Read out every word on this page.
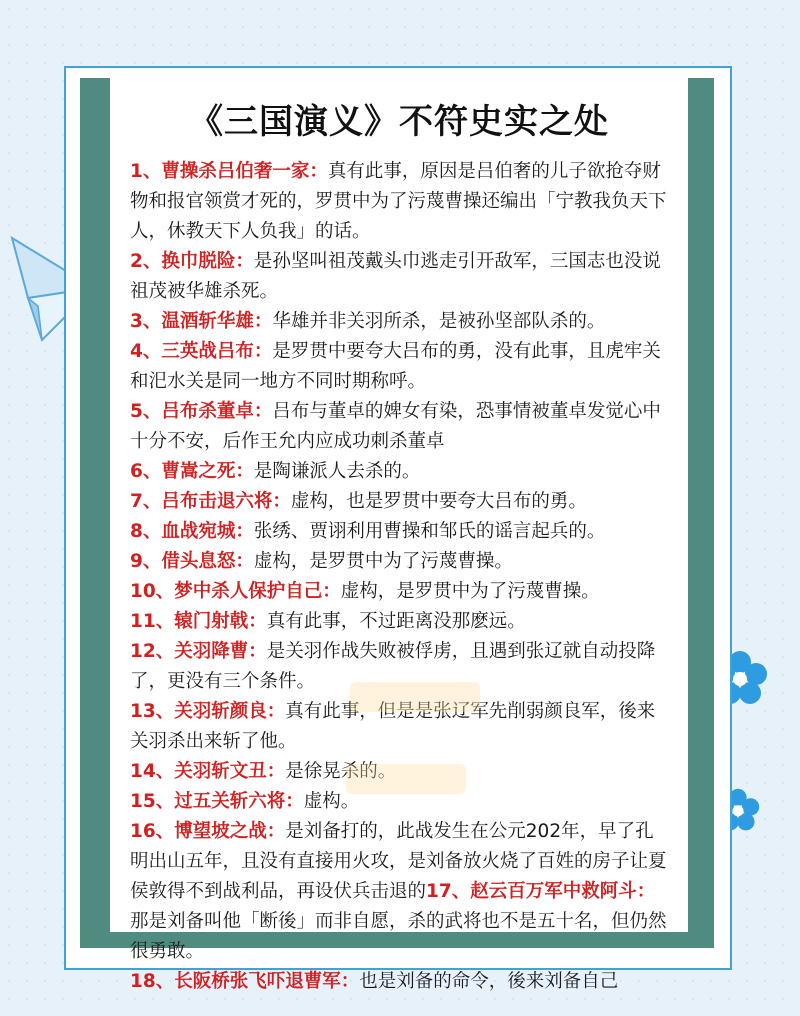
《三国演义》不符史实之处

1、曹操杀吕伯奢一家：真有此事，原因是吕伯奢的儿子欲抢夺财物和报官领赏才死的，罗贯中为了污蔑曹操还编出「宁教我负天下人，休教天下人负我」的话。

2、换巾脱险：是孙坚叫祖茂戴头巾逃走引开敌军，三国志也没说祖茂被华雄杀死。

3、温酒斩华雄：华雄并非关羽所杀，是被孙坚部队杀的。

4、三英战吕布：是罗贯中要夸大吕布的勇，没有此事，且虎牢关和汜水关是同一地方不同时期称呼。

5、吕布杀董卓：吕布与董卓的婢女有染，恐事情被董卓发觉心中十分不安，后作王允内应成功刺杀董卓

6、曹嵩之死：是陶谦派人去杀的。

7、吕布击退六将：虚构，也是罗贯中要夸大吕布的勇。

8、血战宛城：张绣、贾诩利用曹操和邹氏的谣言起兵的。

9、借头息怒：虚构，是罗贯中为了污蔑曹操。

10、梦中杀人保护自己：虚构，是罗贯中为了污蔑曹操。

11、辕门射戟：真有此事，不过距离没那麽远。

12、关羽降曹：是关羽作战失败被俘虏，且遇到张辽就自动投降了，更没有三个条件。

13、关羽斩颜良：真有此事，但是是张辽军先削弱颜良军，後来关羽杀出来斩了他。

14、关羽斩文丑：是徐晃杀的。

15、过五关斩六将：虚构。

16、博望坡之战：是刘备打的，此战发生在公元202年，早了孔明出山五年，且没有直接用火攻，是刘备放火烧了百姓的房子让夏侯敦得不到战利品，再设伏兵击退的17、赵云百万军中救阿斗：那是刘备叫他「断後」而非自愿，杀的武将也不是五十名，但仍然很勇敢。

18、长阪桥张飞吓退曹军：也是刘备的命令，後来刘备自己
